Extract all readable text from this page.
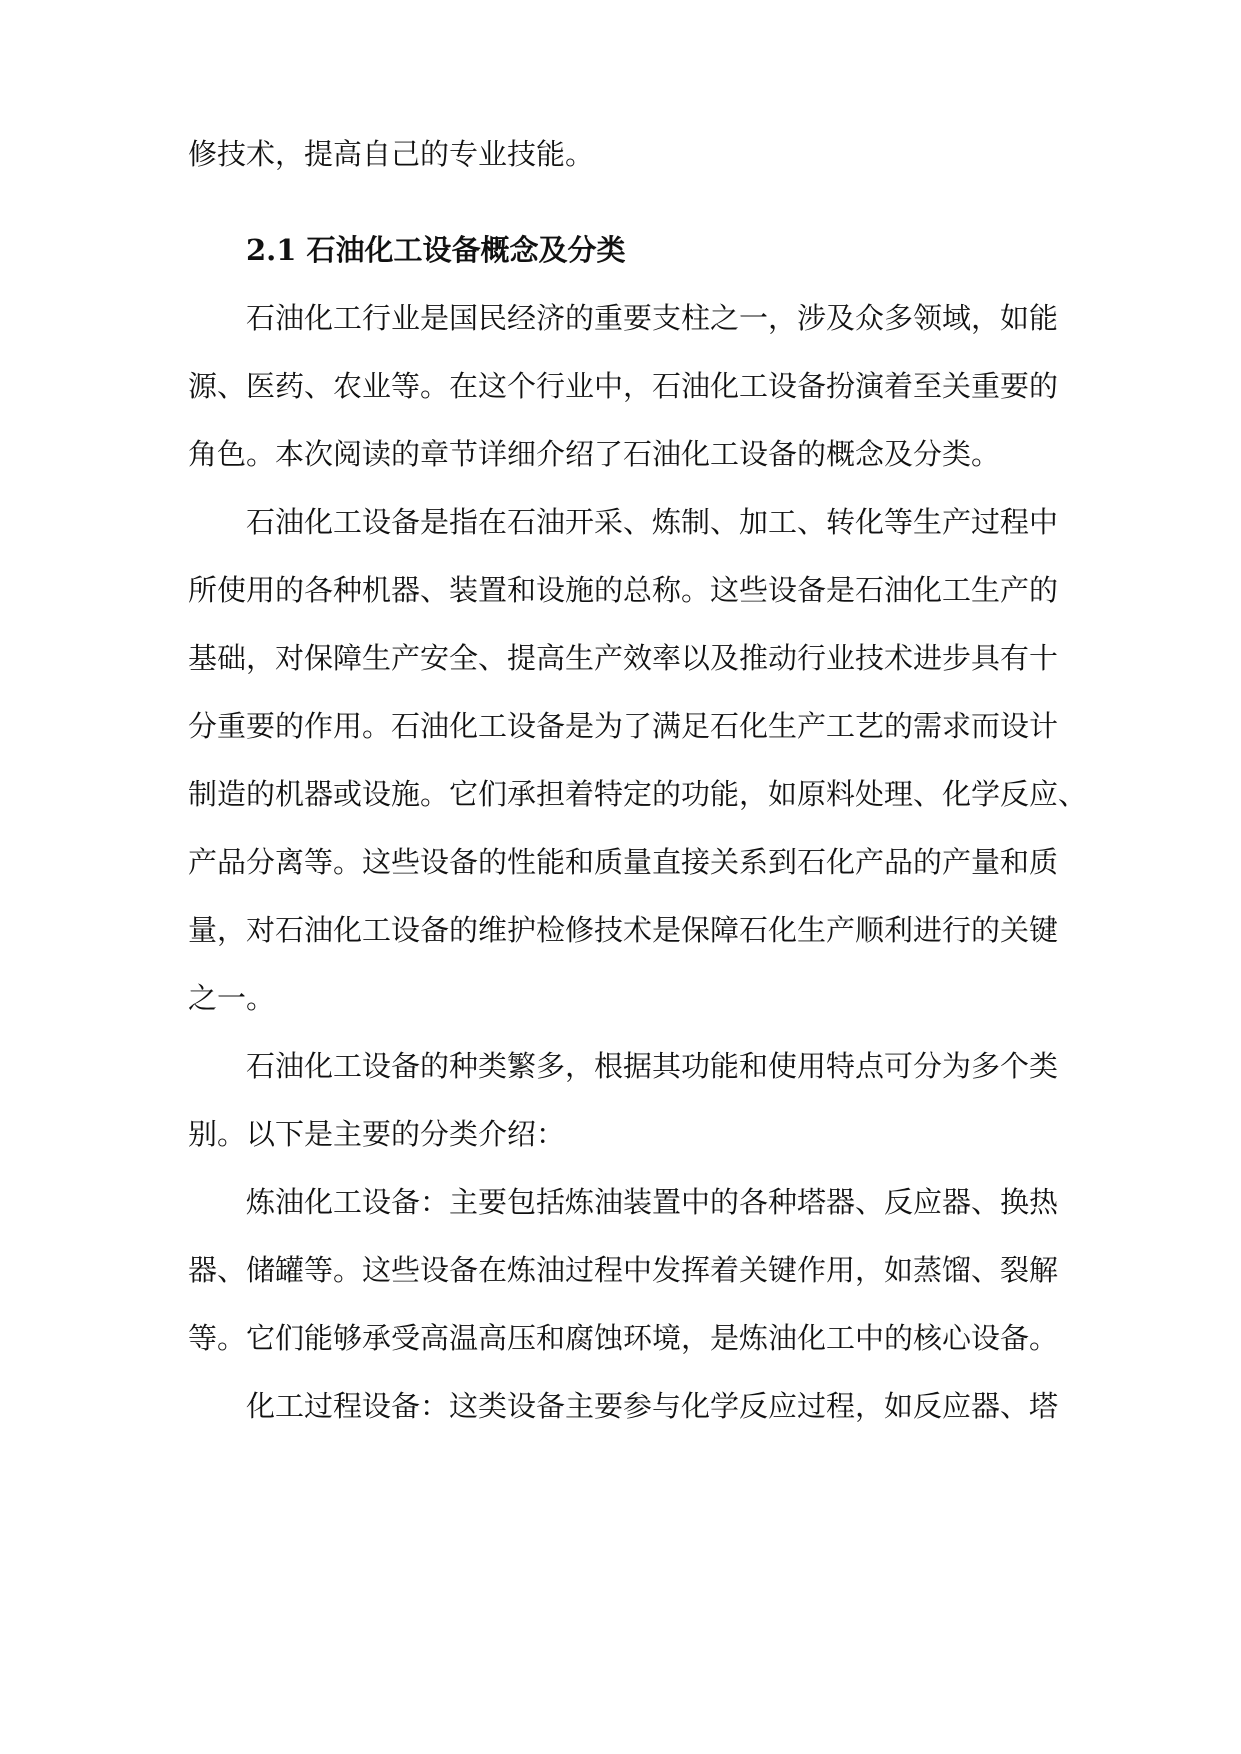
修技术，提高自己的专业技能。
2.1 石油化工设备概念及分类
石油化工行业是国民经济的重要支柱之一，涉及众多领域，如能
源、医药、农业等。在这个行业中，石油化工设备扮演着至关重要的
角色。本次阅读的章节详细介绍了石油化工设备的概念及分类。
石油化工设备是指在石油开采、炼制、加工、转化等生产过程中
所使用的各种机器、装置和设施的总称。这些设备是石油化工生产的
基础，对保障生产安全、提高生产效率以及推动行业技术进步具有十
分重要的作用。石油化工设备是为了满足石化生产工艺的需求而设计
制造的机器或设施。它们承担着特定的功能，如原料处理、化学反应、
产品分离等。这些设备的性能和质量直接关系到石化产品的产量和质
量，对石油化工设备的维护检修技术是保障石化生产顺利进行的关键
之一。
石油化工设备的种类繁多，根据其功能和使用特点可分为多个类
别。以下是主要的分类介绍：
炼油化工设备：主要包括炼油装置中的各种塔器、反应器、换热
器、储罐等。这些设备在炼油过程中发挥着关键作用，如蒸馏、裂解
等。它们能够承受高温高压和腐蚀环境，是炼油化工中的核心设备。
化工过程设备：这类设备主要参与化学反应过程，如反应器、塔
